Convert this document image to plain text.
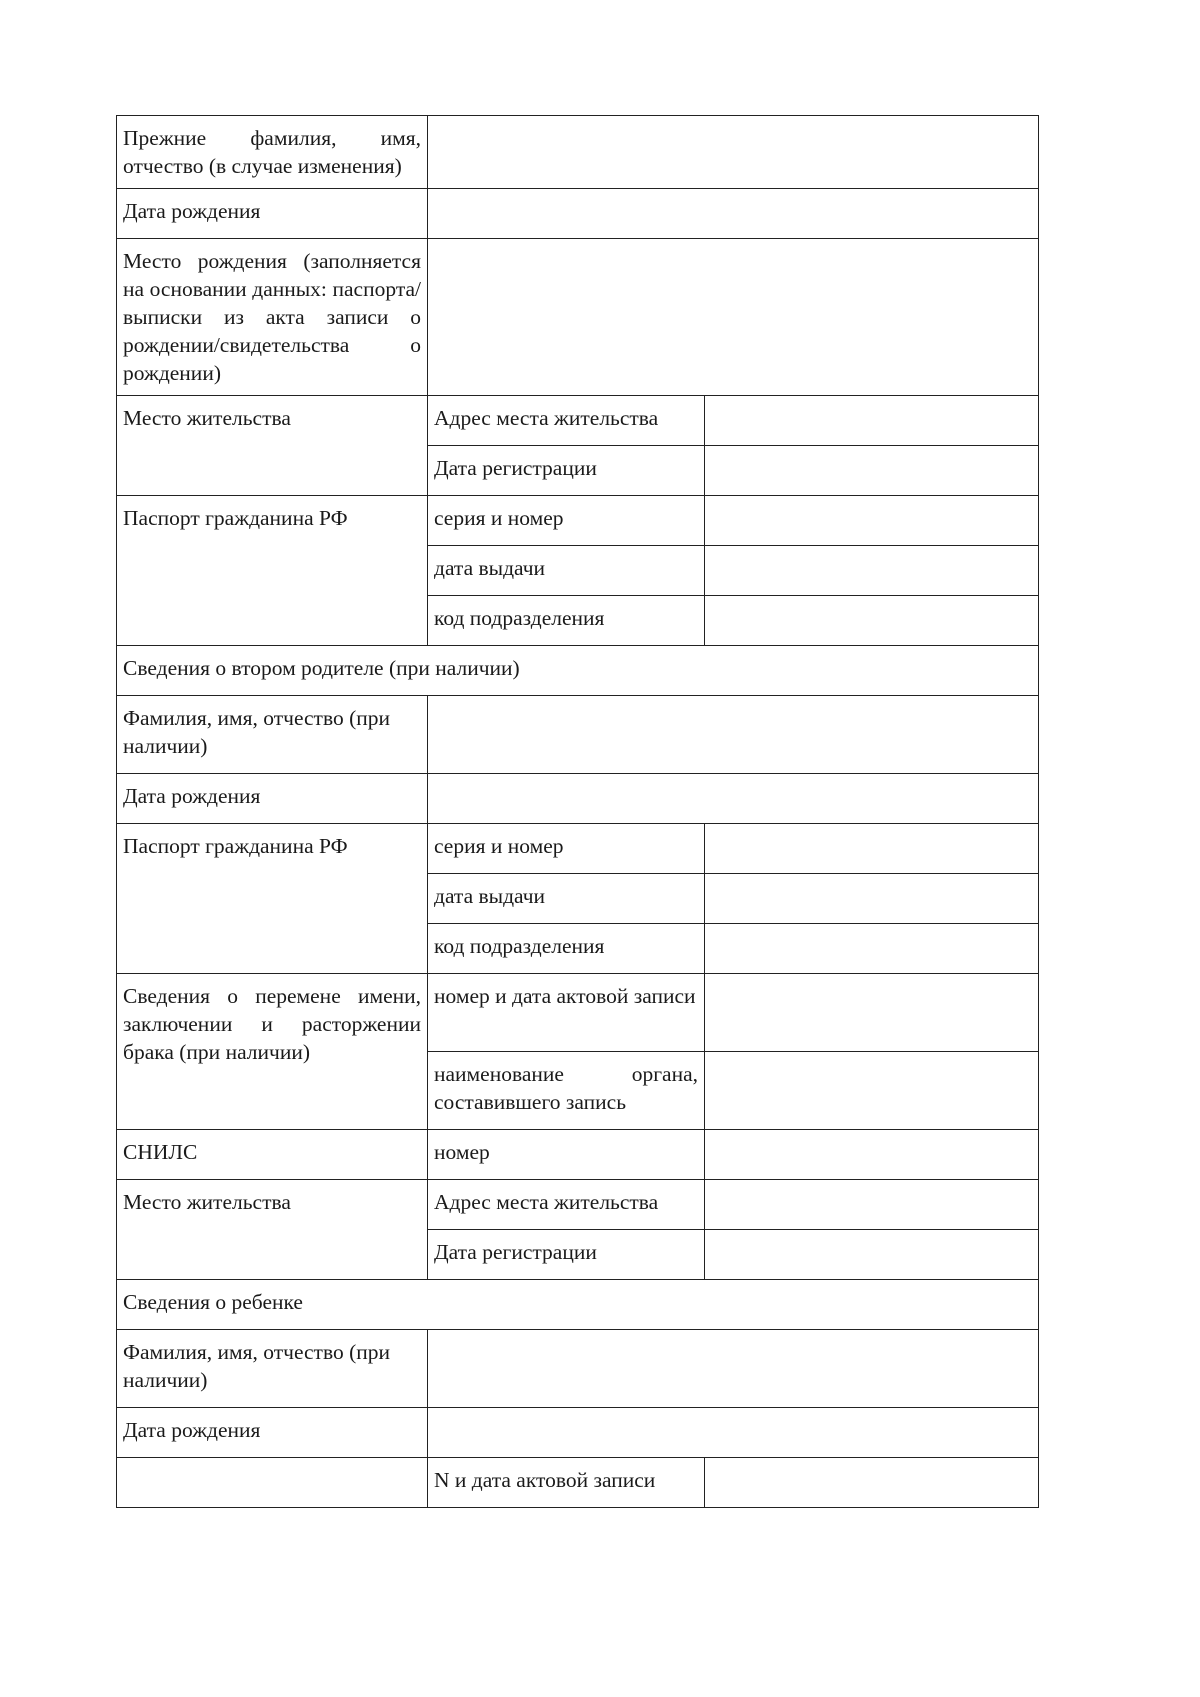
Прежние фамилия, имя, отчество (в случае изменения)		
Дата рождения		
Место рождения (заполняется на основании данных: паспорта/выписки из акта записи о рождении/свидетельства о рождении)		
Место жительства	Адрес места жительства	
	Дата регистрации	
Паспорт гражданина РФ	серия и номер	
	дата выдачи	
	код подразделения	
Сведения о втором родителе (при наличии)		
Фамилия, имя, отчество (при наличии)		
Дата рождения		
Паспорт гражданина РФ	серия и номер	
	дата выдачи	
	код подразделения	
Сведения о перемене имени, заключении и расторжении брака (при наличии)	номер и дата актовой записи	
	наименование органа, составившего запись	
СНИЛС	номер	
Место жительства	Адрес места жительства	
	Дата регистрации	
Сведения о ребенке		
Фамилия, имя, отчество (при наличии)		
Дата рождения		
	N и дата актовой записи	
